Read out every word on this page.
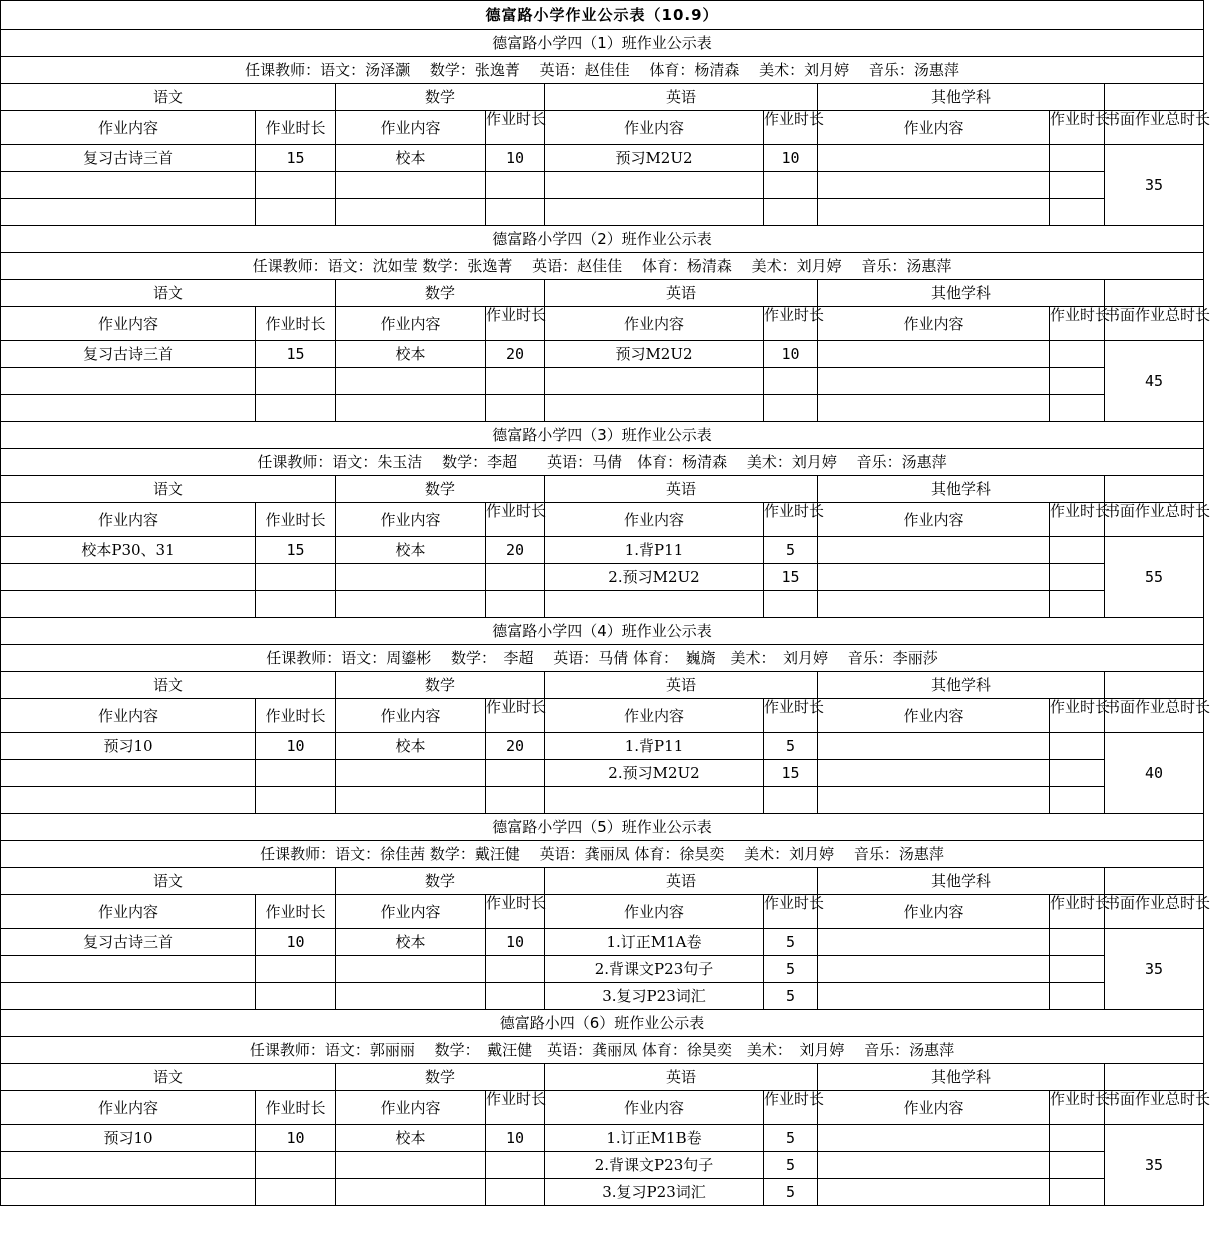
德富路小学作业公示表（10.9）								
德富路小学四（1）班作业公示表								
任课教师：语文：汤泽灏　 数学：张逸菁　 英语：赵佳佳　 体育：杨清森　 美术：刘月婷　 音乐：汤惠萍								
语文		数学		英语		其他学科		
作业内容	作业时长	作业内容	作业时长	作业内容	作业时长	作业内容	作业时长	书面作业总时长

复习古诗三首	15	校本	10	预习M2U2	10			35

德富路小学四（2）班作业公示表								
任课教师：语文：沈如莹 数学：张逸菁　 英语：赵佳佳　 体育：杨清森　 美术：刘月婷　 音乐：汤惠萍								
语文		数学		英语		其他学科		
作业内容	作业时长	作业内容	作业时长	作业内容	作业时长	作业内容	作业时长	书面作业总时长

复习古诗三首	15	校本	20	预习M2U2	10			45

德富路小学四（3）班作业公示表								
任课教师：语文：朱玉洁　 数学：李超　　英语：马倩　体育：杨清森　 美术：刘月婷　 音乐：汤惠萍								
语文		数学		英语		其他学科		
作业内容	作业时长	作业内容	作业时长	作业内容	作业时长	作业内容	作业时长	书面作业总时长

校本P30、31	15	校本	20	1.背P11	5			55
				2.预习M2U2	15			

德富路小学四（4）班作业公示表								
任课教师：语文：周鎏彬　 数学：　李超　 英语：马倩 体育：　巍旖　美术：　刘月婷　 音乐：李丽莎								
语文		数学		英语		其他学科		
作业内容	作业时长	作业内容	作业时长	作业内容	作业时长	作业内容	作业时长	书面作业总时长

预习10	10	校本	20	1.背P11	5			40
				2.预习M2U2	15			

德富路小学四（5）班作业公示表								
任课教师：语文：徐佳茜 数学：戴汪健　 英语：龚丽凤 体育：徐昊奕　 美术：刘月婷　 音乐：汤惠萍								
语文		数学		英语		其他学科		
作业内容	作业时长	作业内容	作业时长	作业内容	作业时长	作业内容	作业时长	书面作业总时长

复习古诗三首	10	校本	10	1.订正M1A卷	5			35
				2.背课文P23句子	5			
				3.复习P23词汇	5			
德富路小四（6）班作业公示表								
任课教师：语文：郭丽丽　 数学：　戴汪健　英语：龚丽凤 体育：徐昊奕　美术：　刘月婷　 音乐：汤惠萍								
语文		数学		英语		其他学科		
作业内容	作业时长	作业内容	作业时长	作业内容	作业时长	作业内容	作业时长	书面作业总时长

预习10	10	校本	10	1.订正M1B卷	5			35
				2.背课文P23句子	5			
				3.复习P23词汇	5			
